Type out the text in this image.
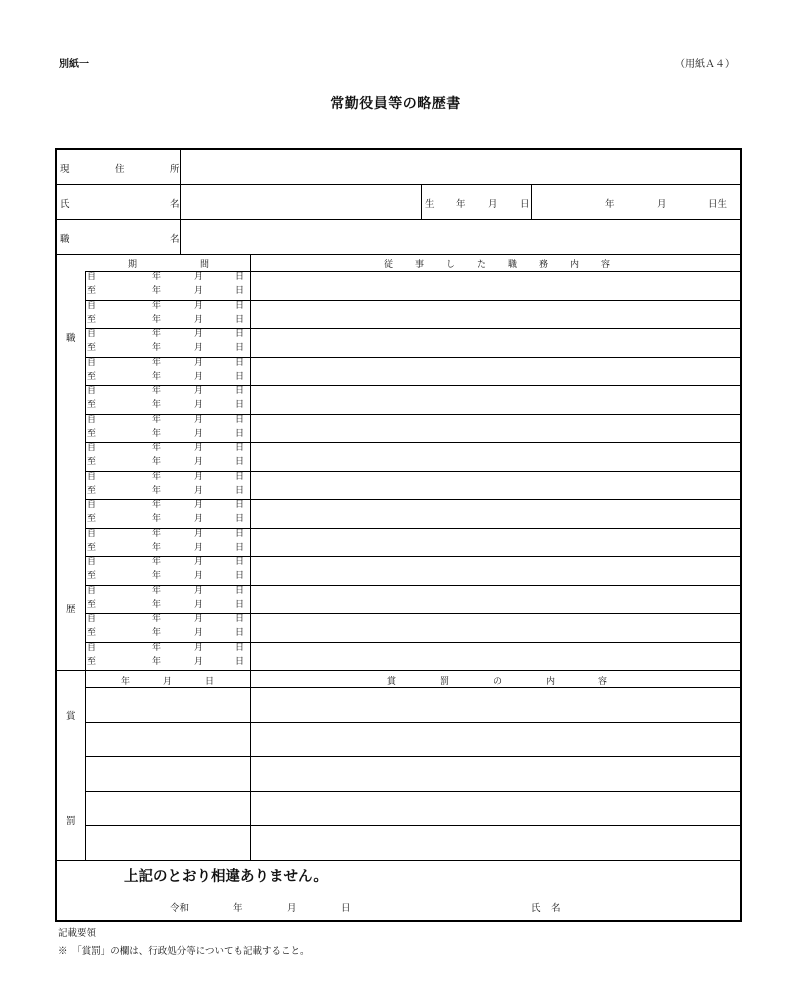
別紙一	（用紙Ａ４）
常勤役員等の略歴書
現	住	所
氏	名	生 年 月 日	年	月	日生
職	名
期	間	従 事 し た 職 務 内 容
職
歴
自	年	月	日
至	年	月	日
自	年	月	日
至	年	月	日
自	年	月	日
至	年	月	日
自	年	月	日
至	年	月	日
自	年	月	日
至	年	月	日
自	年	月	日
至	年	月	日
自	年	月	日
至	年	月	日
自	年	月	日
至	年	月	日
自	年	月	日
至	年	月	日
自	年	月	日
至	年	月	日
自	年	月	日
至	年	月	日
自	年	月	日
至	年	月	日
自	年	月	日
至	年	月	日
自	年	月	日
至	年	月	日
年	月	日	賞	罰	の	内	容
賞
罰
上記のとおり相違ありません。
令和	年	月	日	氏 名
記載要領
※　「賞罰」の欄は、行政処分等についても記載すること。
